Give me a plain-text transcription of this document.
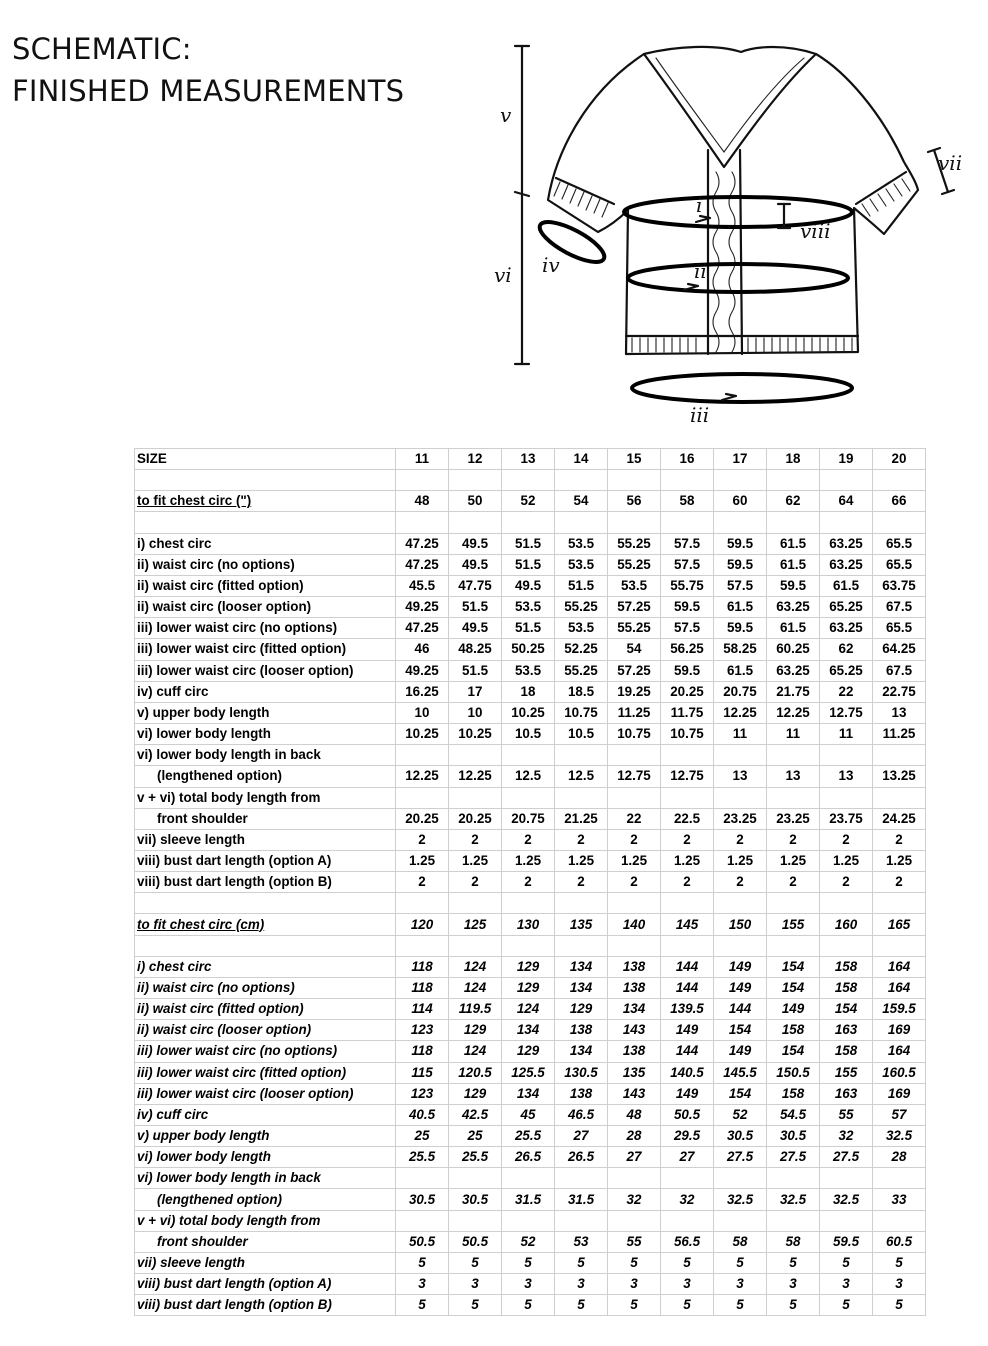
SCHEMATIC:
FINISHED MEASUREMENTS
v
vi
i
ii
iii
iv
vii
viii
SIZE	11	12	13	14	15	16	17	18	19	20

to fit chest circ (")	48	50	52	54	56	58	60	62	64	66

i) chest circ	47.25	49.5	51.5	53.5	55.25	57.5	59.5	61.5	63.25	65.5
ii) waist circ (no options)	47.25	49.5	51.5	53.5	55.25	57.5	59.5	61.5	63.25	65.5
ii) waist circ (fitted option)	45.5	47.75	49.5	51.5	53.5	55.75	57.5	59.5	61.5	63.75
ii) waist circ (looser option)	49.25	51.5	53.5	55.25	57.25	59.5	61.5	63.25	65.25	67.5
iii) lower waist circ (no options)	47.25	49.5	51.5	53.5	55.25	57.5	59.5	61.5	63.25	65.5
iii) lower waist circ (fitted option)	46	48.25	50.25	52.25	54	56.25	58.25	60.25	62	64.25
iii) lower waist circ (looser option)	49.25	51.5	53.5	55.25	57.25	59.5	61.5	63.25	65.25	67.5
iv) cuff circ	16.25	17	18	18.5	19.25	20.25	20.75	21.75	22	22.75
v) upper body length	10	10	10.25	10.75	11.25	11.75	12.25	12.25	12.75	13
vi) lower body length	10.25	10.25	10.5	10.5	10.75	10.75	11	11	11	11.25
vi) lower body length in back										
(lengthened option)	12.25	12.25	12.5	12.5	12.75	12.75	13	13	13	13.25
v + vi) total body length from										
front shoulder	20.25	20.25	20.75	21.25	22	22.5	23.25	23.25	23.75	24.25
vii) sleeve length	2	2	2	2	2	2	2	2	2	2
viii) bust dart length (option A)	1.25	1.25	1.25	1.25	1.25	1.25	1.25	1.25	1.25	1.25
viii) bust dart length (option B)	2	2	2	2	2	2	2	2	2	2

to fit chest circ (cm)	120	125	130	135	140	145	150	155	160	165

i) chest circ	118	124	129	134	138	144	149	154	158	164
ii) waist circ (no options)	118	124	129	134	138	144	149	154	158	164
ii) waist circ (fitted option)	114	119.5	124	129	134	139.5	144	149	154	159.5
ii) waist circ (looser option)	123	129	134	138	143	149	154	158	163	169
iii) lower waist circ (no options)	118	124	129	134	138	144	149	154	158	164
iii) lower waist circ (fitted option)	115	120.5	125.5	130.5	135	140.5	145.5	150.5	155	160.5
iii) lower waist circ (looser option)	123	129	134	138	143	149	154	158	163	169
iv) cuff circ	40.5	42.5	45	46.5	48	50.5	52	54.5	55	57
v) upper body length	25	25	25.5	27	28	29.5	30.5	30.5	32	32.5
vi) lower body length	25.5	25.5	26.5	26.5	27	27	27.5	27.5	27.5	28
vi) lower body length in back										
(lengthened option)	30.5	30.5	31.5	31.5	32	32	32.5	32.5	32.5	33
v + vi) total body length from										
front shoulder	50.5	50.5	52	53	55	56.5	58	58	59.5	60.5
vii) sleeve length	5	5	5	5	5	5	5	5	5	5
viii) bust dart length (option A)	3	3	3	3	3	3	3	3	3	3
viii) bust dart length (option B)	5	5	5	5	5	5	5	5	5	5
